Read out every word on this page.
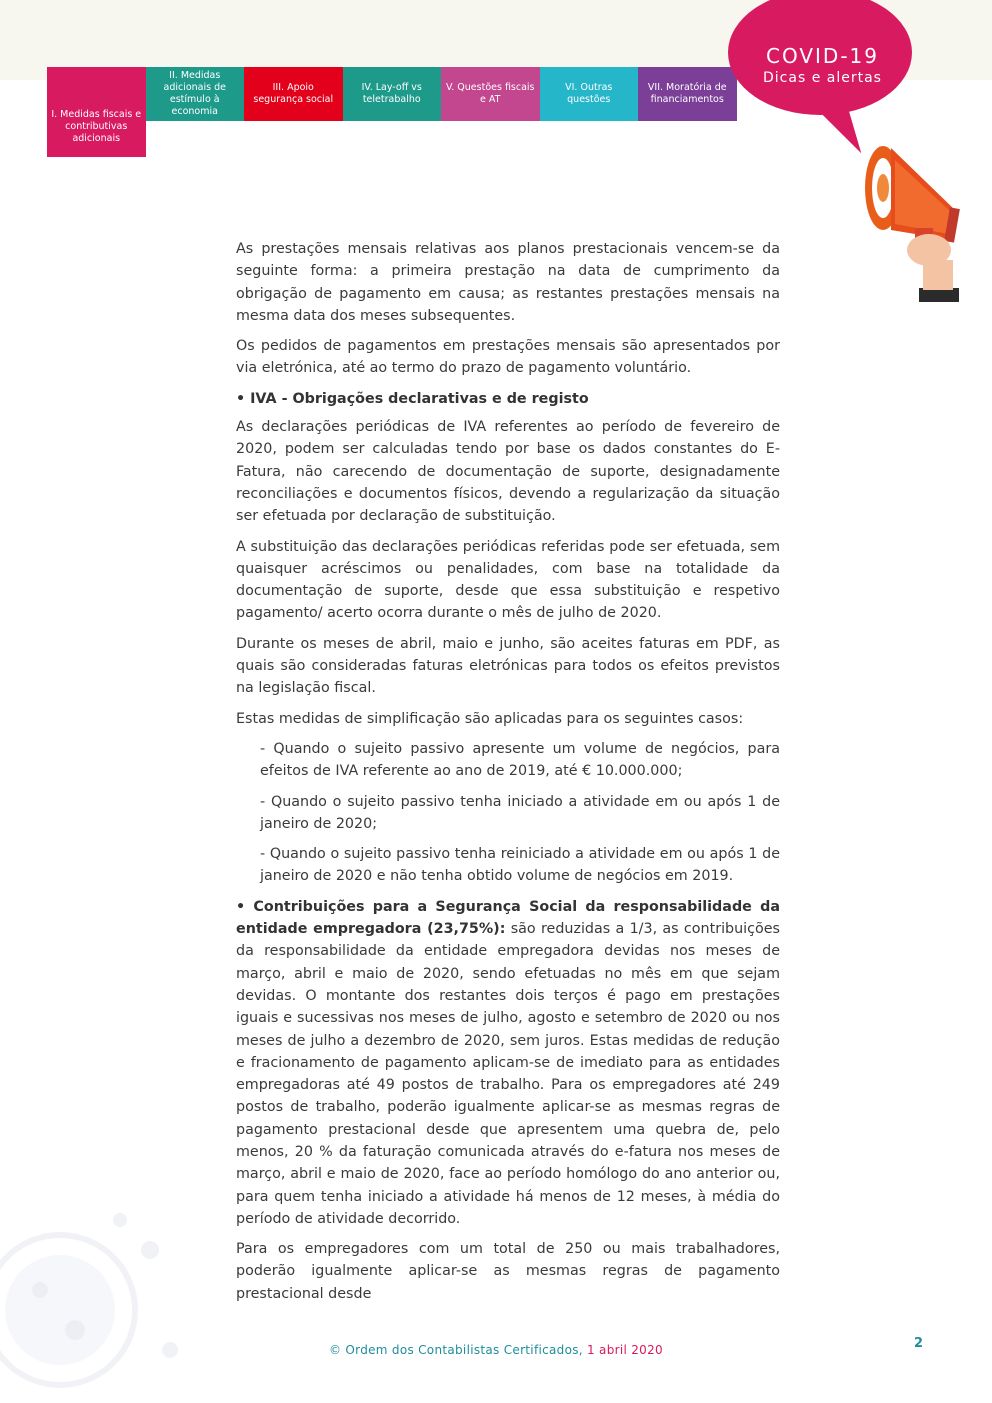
I. Medidas fiscais e contributivas adicionais
II. Medidas adicionais de estímulo à economia
III. Apoio segurança social
IV. Lay-off vs teletrabalho
V. Questões fiscais e AT
VI. Outras questões
VII. Moratória de financiamentos
COVID-19
Dicas e alertas

As prestações mensais relativas aos planos prestacionais vencem-se da seguinte forma: a primeira prestação na data de cumprimento da obrigação de pagamento em causa; as restantes prestações mensais na mesma data dos meses subsequentes.

Os pedidos de pagamentos em prestações mensais são apresentados por via eletrónica, até ao termo do prazo de pagamento voluntário.

• IVA - Obrigações declarativas e de registo

As declarações periódicas de IVA referentes ao período de fevereiro de 2020, podem ser calculadas tendo por base os dados constantes do E-Fatura, não carecendo de documentação de suporte, designadamente reconciliações e documentos físicos, devendo a regularização da situação ser efetuada por declaração de substituição.

A substituição das declarações periódicas referidas pode ser efetuada, sem quaisquer acréscimos ou penalidades, com base na totalidade da documentação de suporte, desde que essa substituição e respetivo pagamento/ acerto ocorra durante o mês de julho de 2020.

Durante os meses de abril, maio e junho, são aceites faturas em PDF, as quais são consideradas faturas eletrónicas para todos os efeitos previstos na legislação fiscal.

Estas medidas de simplificação são aplicadas para os seguintes casos:

- Quando o sujeito passivo apresente um volume de negócios, para efeitos de IVA referente ao ano de 2019, até € 10.000.000;

- Quando o sujeito passivo tenha iniciado a atividade em ou após 1 de janeiro de 2020;

- Quando o sujeito passivo tenha reiniciado a atividade em ou após 1 de janeiro de 2020 e não tenha obtido volume de negócios em 2019.

• Contribuições para a Segurança Social da responsabilidade da entidade empregadora (23,75%): são reduzidas a 1/3, as contribuições da responsabilidade da entidade empregadora devidas nos meses de março, abril e maio de 2020, sendo efetuadas no mês em que sejam devidas. O montante dos restantes dois terços é pago em prestações iguais e sucessivas nos meses de julho, agosto e setembro de 2020 ou nos meses de julho a dezembro de 2020, sem juros. Estas medidas de redução e fracionamento de pagamento aplicam-se de imediato para as entidades empregadoras até 49 postos de trabalho. Para os empregadores até 249 postos de trabalho, poderão igualmente aplicar-se as mesmas regras de pagamento prestacional desde que apresentem uma quebra de, pelo menos, 20 % da faturação comunicada através do e-fatura nos meses de março, abril e maio de 2020, face ao período homólogo do ano anterior ou, para quem tenha iniciado a atividade há menos de 12 meses, à média do período de atividade decorrido.

Para os empregadores com um total de 250 ou mais trabalhadores, poderão igualmente aplicar-se as mesmas regras de pagamento prestacional desde

© Ordem dos Contabilistas Certificados, 1 abril 2020	2
